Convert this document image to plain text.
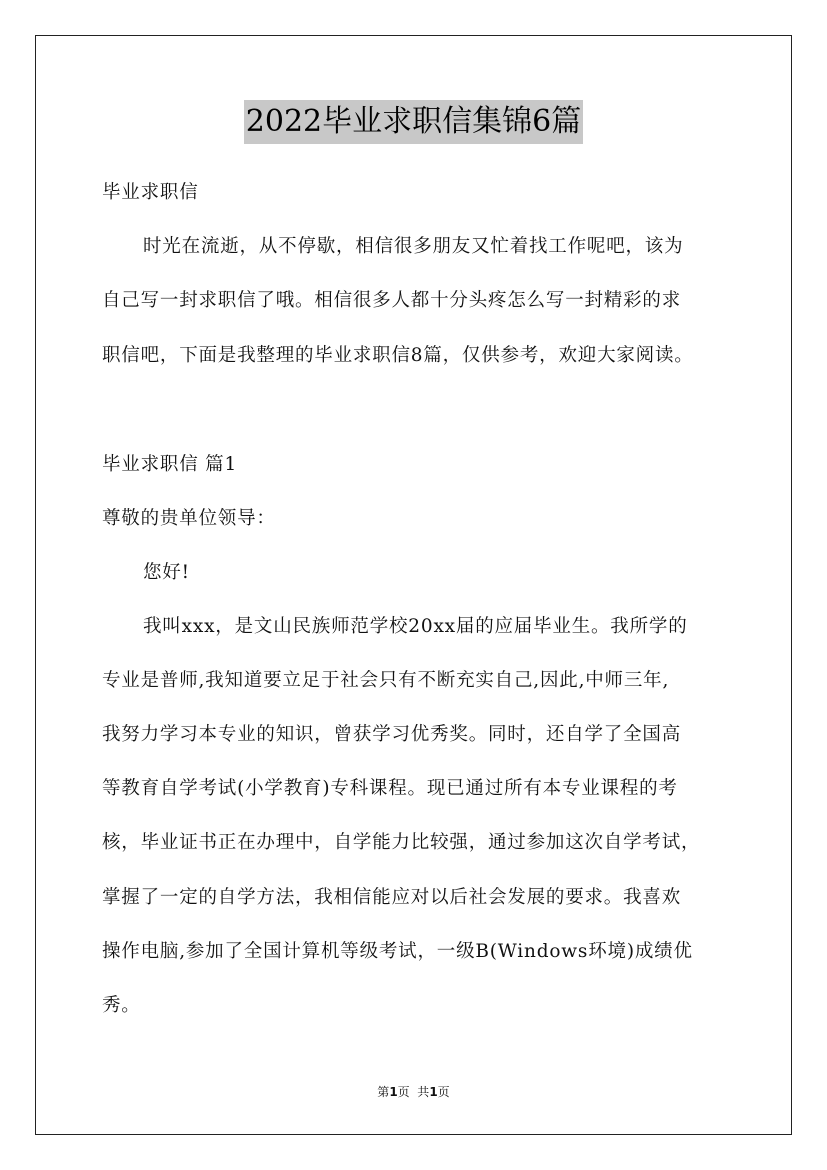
2022毕业求职信集锦6篇
毕业求职信
时光在流逝，从不停歇，相信很多朋友又忙着找工作呢吧，该为
自己写一封求职信了哦。相信很多人都十分头疼怎么写一封精彩的求
职信吧，下面是我整理的毕业求职信8篇，仅供参考，欢迎大家阅读。
毕业求职信 篇1
尊敬的贵单位领导：
您好!
我叫xxx，是文山民族师范学校20xx届的应届毕业生。我所学的
专业是普师,我知道要立足于社会只有不断充实自己,因此,中师三年,
我努力学习本专业的知识，曾获学习优秀奖。同时，还自学了全国高
等教育自学考试(小学教育)专科课程。现已通过所有本专业课程的考
核，毕业证书正在办理中，自学能力比较强，通过参加这次自学考试，
掌握了一定的自学方法，我相信能应对以后社会发展的要求。我喜欢
操作电脑,参加了全国计算机等级考试，一级B(Windows环境)成绩优
秀。
第1页  共1页
